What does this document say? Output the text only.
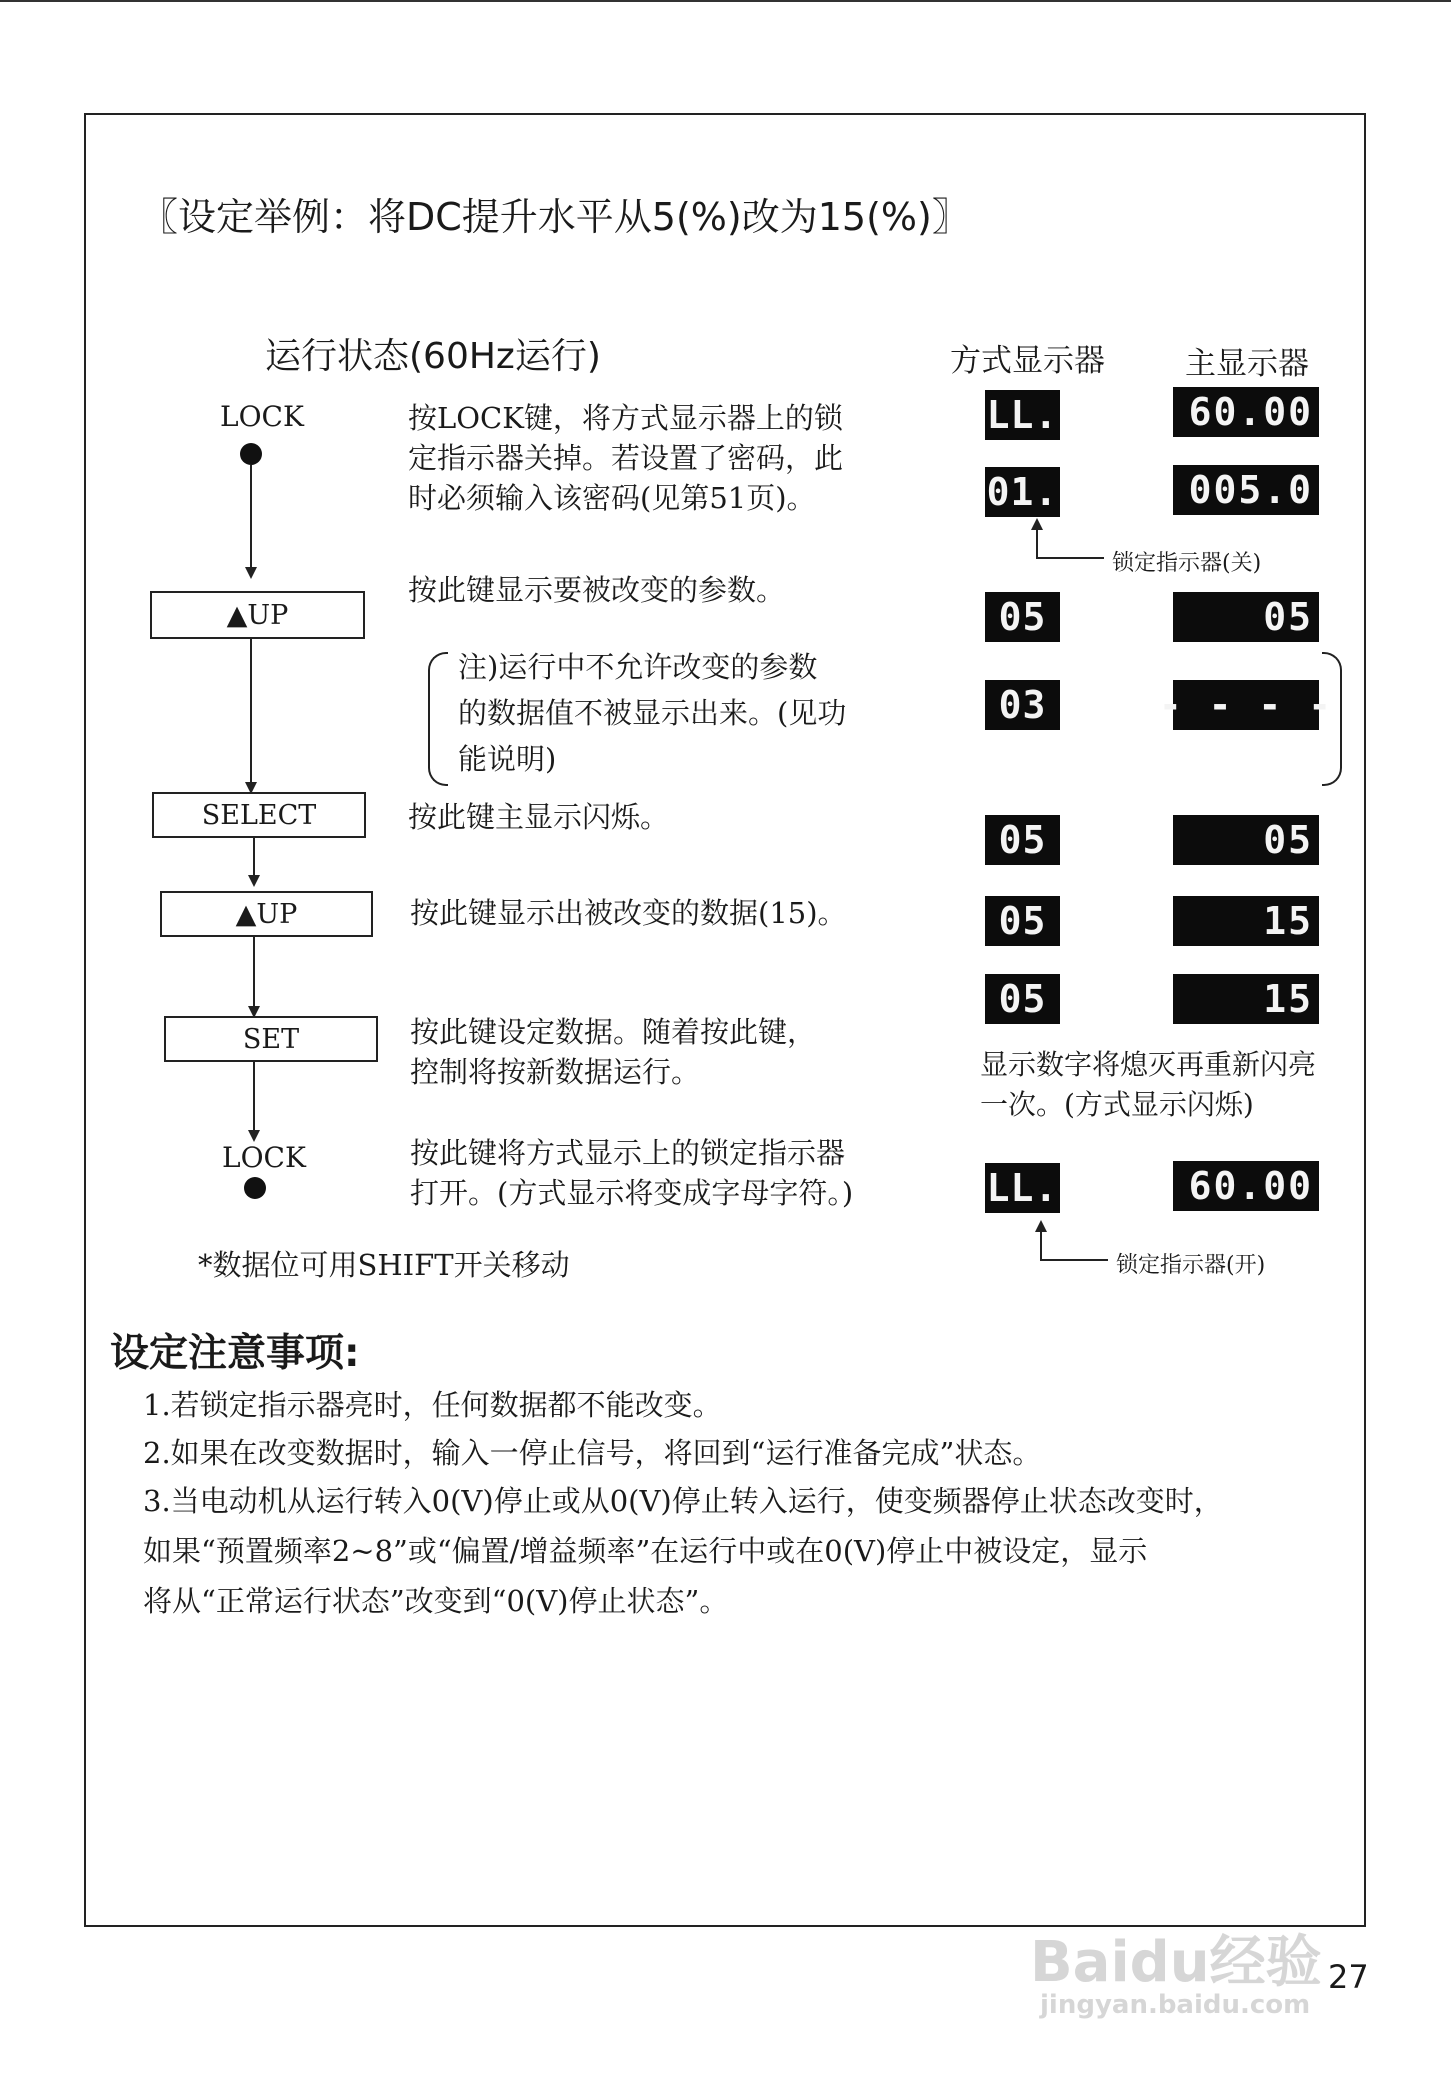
〖设定举例：将DC提升水平从5(%)改为15(%)〗
运行状态(60Hz运行)	方式显示器	主显示器
LOCK
▲UP
SELECT
▲UP
SET
LOCK
按LOCK键，将方式显示器上的锁
定指示器关掉。若设置了密码，此
时必须输入该密码(见第51页)。
按此键显示要被改变的参数。
注)运行中不允许改变的参数
的数据值不被显示出来。(见功
能说明)
按此键主显示闪烁。
按此键显示出被改变的数据(15)。
按此键设定数据。随着按此键，
控制将按新数据运行。
按此键将方式显示上的锁定指示器
打开。(方式显示将变成字母字符。)
*数据位可用SHIFT开关移动
LL.	60.00
01.	005.0
锁定指示器(关)
05	05
03	- - - -
05	05
05	15
05	15
显示数字将熄灭再重新闪亮
一次。(方式显示闪烁)
LL.	60.00
锁定指示器(开)
设定注意事项:
1.若锁定指示器亮时，任何数据都不能改变。
2.如果在改变数据时，输入一停止信号，将回到“运行准备完成”状态。
3.当电动机从运行转入0(V)停止或从0(V)停止转入运行，使变频器停止状态改变时，
如果“预置频率2~8”或“偏置/增益频率”在运行中或在0(V)停止中被设定，显示
将从“正常运行状态”改变到“0(V)停止状态”。
Baidu经验
jingyan.baidu.com
27
